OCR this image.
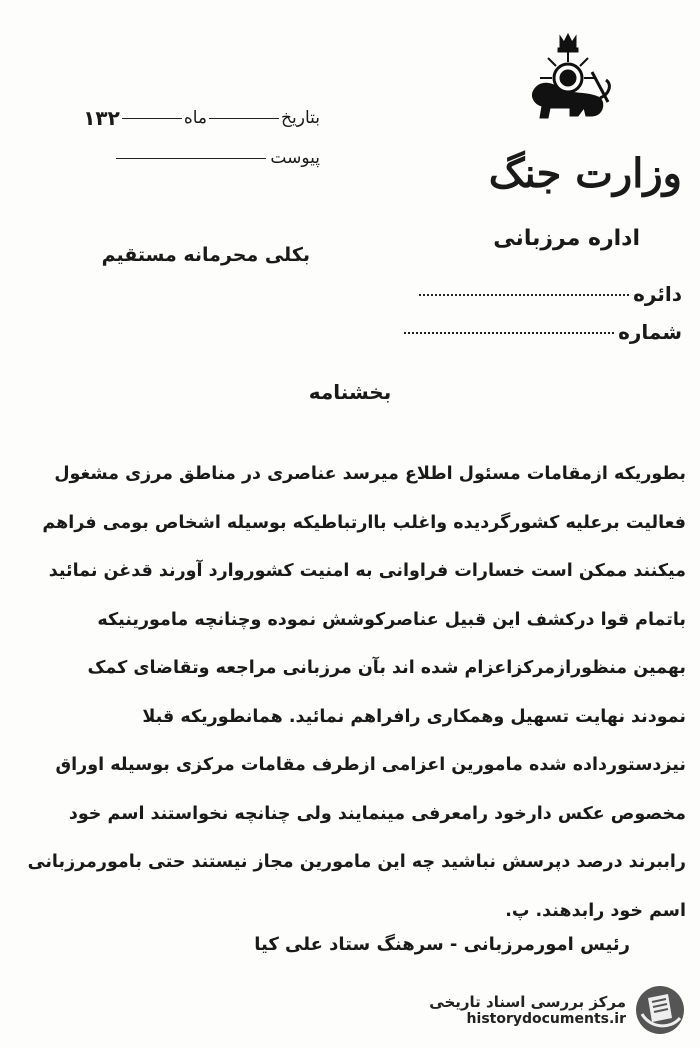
وزارت جنگ
اداره مرزبانی
دائره
شماره
بتاریخ
ماه
۱۳۲
پیوست
بکلی محرمانه مستقیم
بخشنامه

بطوریکه ازمقامات مسئول اطلاع میرسد عناصری در مناطق مرزی مشغول

فعالیت برعلیه کشورگردیده واغلب باارتباطیکه بوسیله اشخاص بومی فراهم

میکنند ممکن است خسارات فراوانی به امنیت کشوروارد آورند قدغن نمائید

باتمام قوا درکشف این قبیل عناصرکوشش نموده وچنانچه مامورینیکه

بهمین منظورازمرکزاعزام شده اند بآن مرزبانی مراجعه وتقاضای کمک

نمودند نهایت تسهیل وهمکاری رافراهم نمائید. همانطوریکه قبلا

نیزدستورداده شده مامورین اعزامی ازطرف مقامات مرکزی بوسیله اوراق

مخصوص عکس دارخود رامعرفی مینمایند ولی چنانچه نخواستند اسم خود

راببرند درصد دپرسش نباشید چه این مامورین مجاز نیستند حتی بامورمرزبانی

اسم خود رابدهند. پ.

رئیس امورمرزبانی - سرهنگ ستاد علی کیا
مرکز بررسی اسناد تاریخی
historydocuments.ir
